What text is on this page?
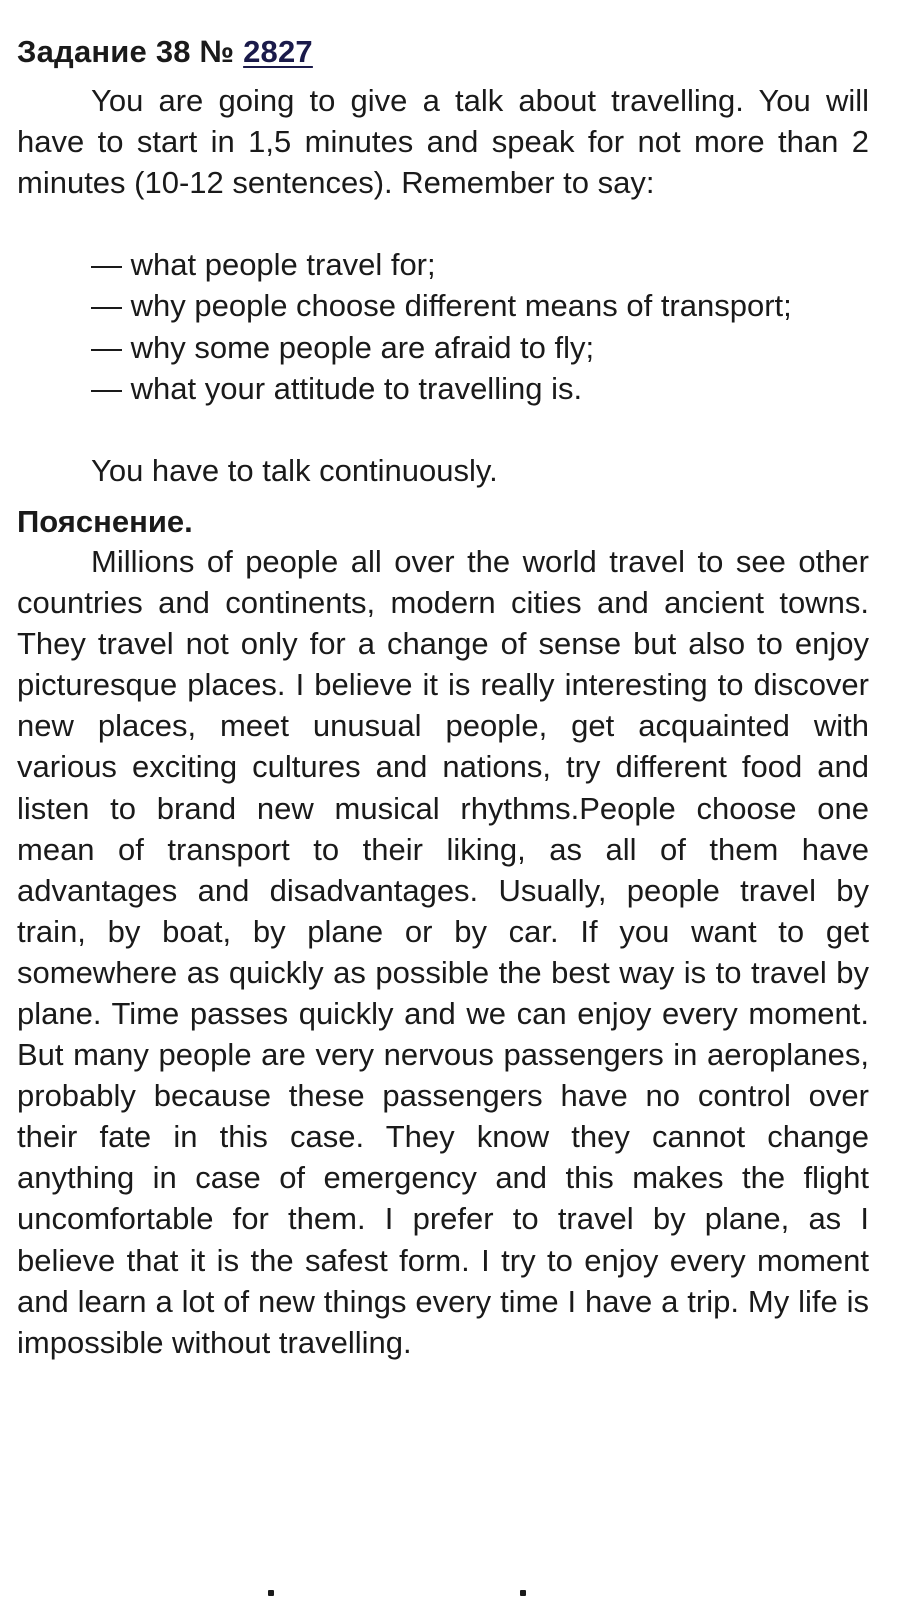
Задание 38 № 2827

You are going to give a talk about travelling. You will have to start in 1,5 minutes and speak for not more than 2 minutes (10-12 sentences). Remember to say:

— what people travel for;

— why people choose different means of transport;

— why some people are afraid to fly;

— what your attitude to travelling is.

You have to talk continuously.

Пояснение.

Millions of people all over the world travel to see other countries and continents, modern cities and ancient towns. They travel not only for a change of sense but also to enjoy picturesque places. I believe it is really interesting to discover new places, meet unusual people, get acquainted with various exciting cultures and nations, try different food and listen to brand new musical rhythms.People choose one mean of transport to their liking, as all of them have advantages and disadvantages. Usually, people travel by train, by boat, by plane or by car. If you want to get somewhere as quickly as possible the best way is to travel by plane. Time passes quickly and we can enjoy every moment. But many people are very nervous passengers in aeroplanes, probably because these passengers have no control over their fate in this case. They know they cannot change anything in case of emergency and this makes the flight uncomfortable for them. I prefer to travel by plane, as I believe that it is the safest form. I try to enjoy every moment and learn a lot of new things every time I have a trip. My life is impossible without travelling.
